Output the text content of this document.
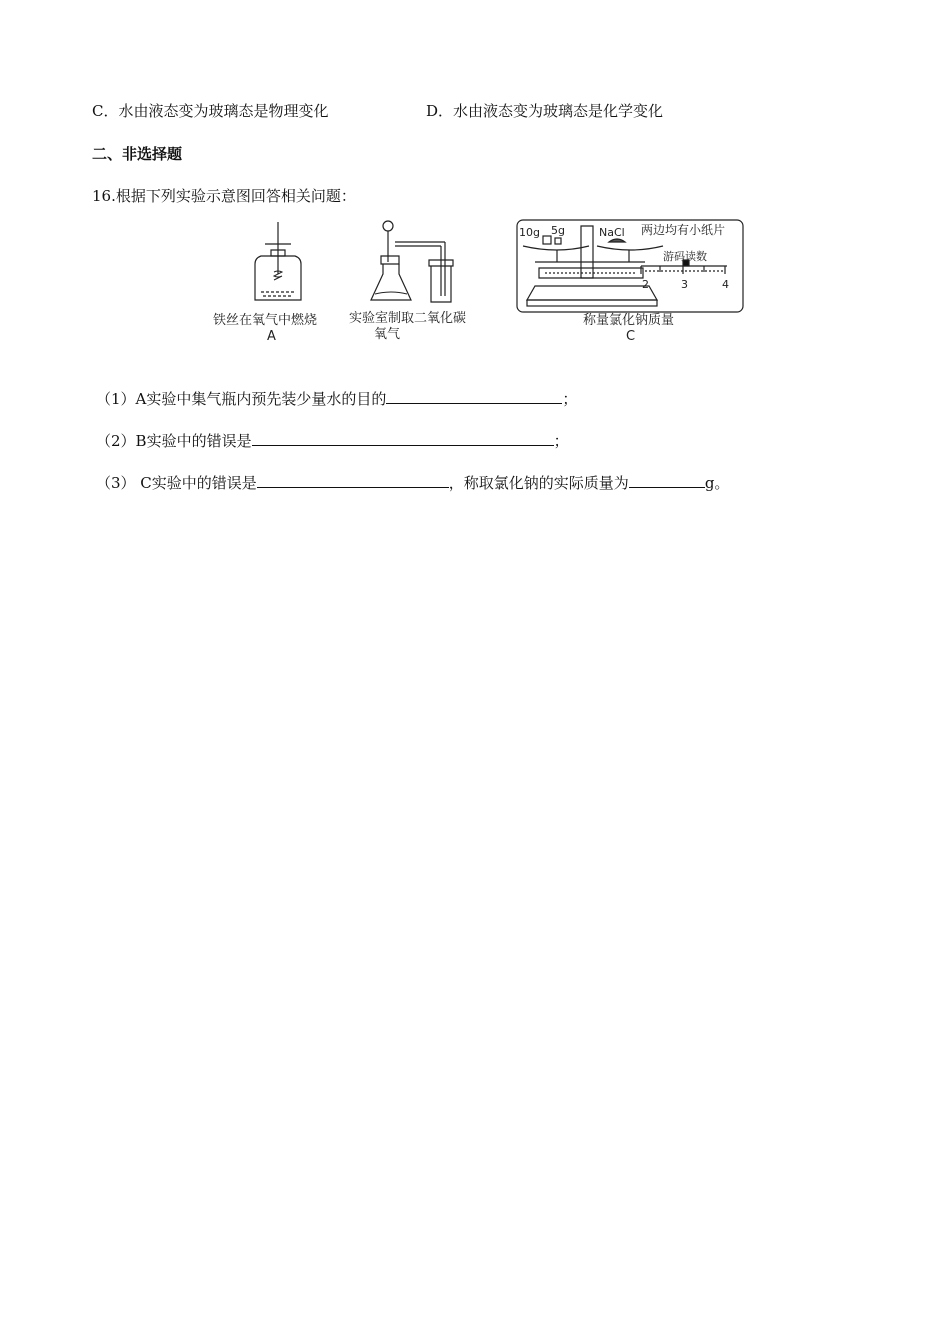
C．水由液态变为玻璃态是物理变化	D．水由液态变为玻璃态是化学变化
二、非选择题
16.根据下列实验示意图回答相关问题：
铁丝在氧气中燃烧
A
实验室制取二氧化碳
氧气
10g 5g	NaCl 两边均有小纸片
游码读数
2	3	4
称量氯化钠质量
C
（1）A实验中集气瓶内预先装少量水的目的	；
（2）B实验中的错误是	；
（3） C实验中的错误是	，称取氯化钠的实际质量为	g。
